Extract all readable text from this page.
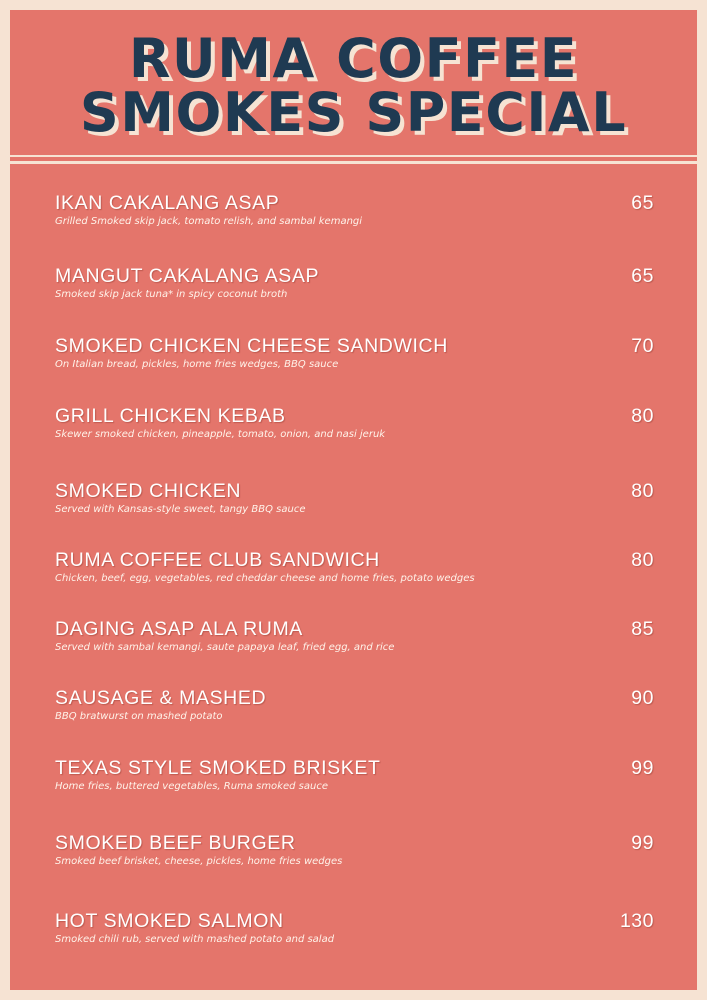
RUMA COFFEE
SMOKES SPECIAL
IKAN CAKALANG ASAP
Grilled Smoked skip jack, tomato relish, and sambal kemangi
65
MANGUT CAKALANG ASAP
Smoked skip jack tuna* in spicy coconut broth
65
SMOKED CHICKEN CHEESE SANDWICH
On Italian bread, pickles, home fries wedges, BBQ sauce
70
GRILL CHICKEN KEBAB
Skewer smoked chicken, pineapple, tomato, onion, and nasi jeruk
80
SMOKED CHICKEN
Served with Kansas-style sweet, tangy BBQ sauce
80
RUMA COFFEE CLUB SANDWICH
Chicken, beef, egg, vegetables, red cheddar cheese and home fries, potato wedges
80
DAGING ASAP ALA RUMA
Served with sambal kemangi, saute papaya leaf, fried egg, and rice
85
SAUSAGE & MASHED
BBQ bratwurst on mashed potato
90
TEXAS STYLE SMOKED BRISKET
Home fries, buttered vegetables, Ruma smoked sauce
99
SMOKED BEEF BURGER
Smoked beef brisket, cheese, pickles, home fries wedges
99
HOT SMOKED SALMON
Smoked chili rub, served with mashed potato and salad
130
